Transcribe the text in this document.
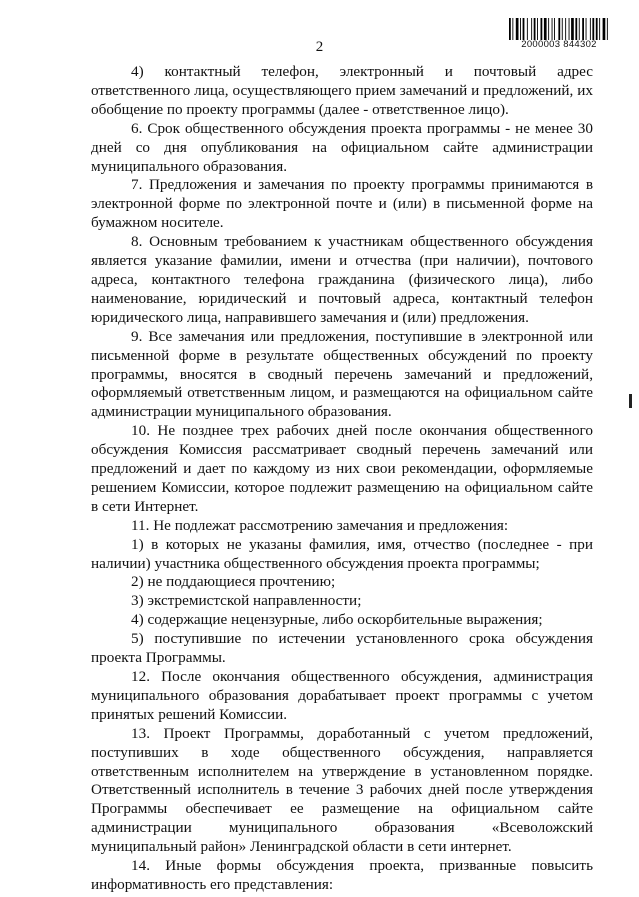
2	2000003 844302

4) контактный телефон, электронный и почтовый адрес ответственного лица, осуществляющего прием замечаний и предложений, их обобщение по проекту программы (далее - ответственное лицо).

6. Срок общественного обсуждения проекта программы - не менее 30 дней со дня опубликования на официальном сайте администрации муниципального образования.

7. Предложения и замечания по проекту программы принимаются в электронной форме по электронной почте и (или) в письменной форме на бумажном носителе.

8. Основным требованием к участникам общественного обсуждения является указание фамилии, имени и отчества (при наличии), почтового адреса, контактного телефона гражданина (физического лица), либо наименование, юридический и почтовый адреса, контактный телефон юридического лица, направившего замечания и (или) предложения.

9. Все замечания или предложения, поступившие в электронной или письменной форме в результате общественных обсуждений по проекту программы, вносятся в сводный перечень замечаний и предложений, оформляемый ответственным лицом, и размещаются на официальном сайте администрации муниципального образования.

10. Не позднее трех рабочих дней после окончания общественного обсуждения Комиссия рассматривает сводный перечень замечаний или предложений и дает по каждому из них свои рекомендации, оформляемые решением Комиссии, которое подлежит размещению на официальном сайте в сети Интернет.

11. Не подлежат рассмотрению замечания и предложения:

1) в которых не указаны фамилия, имя, отчество (последнее - при наличии) участника общественного обсуждения проекта программы;

2) не поддающиеся прочтению;

3) экстремистской направленности;

4) содержащие нецензурные, либо оскорбительные выражения;

5) поступившие по истечении установленного срока обсуждения проекта Программы.

12. После окончания общественного обсуждения, администрация муниципального образования дорабатывает проект программы с учетом принятых решений Комиссии.

13. Проект Программы, доработанный с учетом предложений, поступивших в ходе общественного обсуждения, направляется ответственным исполнителем на утверждение в установленном порядке. Ответственный исполнитель в течение 3 рабочих дней после утверждения Программы обеспечивает ее размещение на официальном сайте администрации муниципального образования «Всеволожский муниципальный район» Ленинградской области в сети интернет.

14. Иные формы обсуждения проекта, призванные повысить информативность его представления:
